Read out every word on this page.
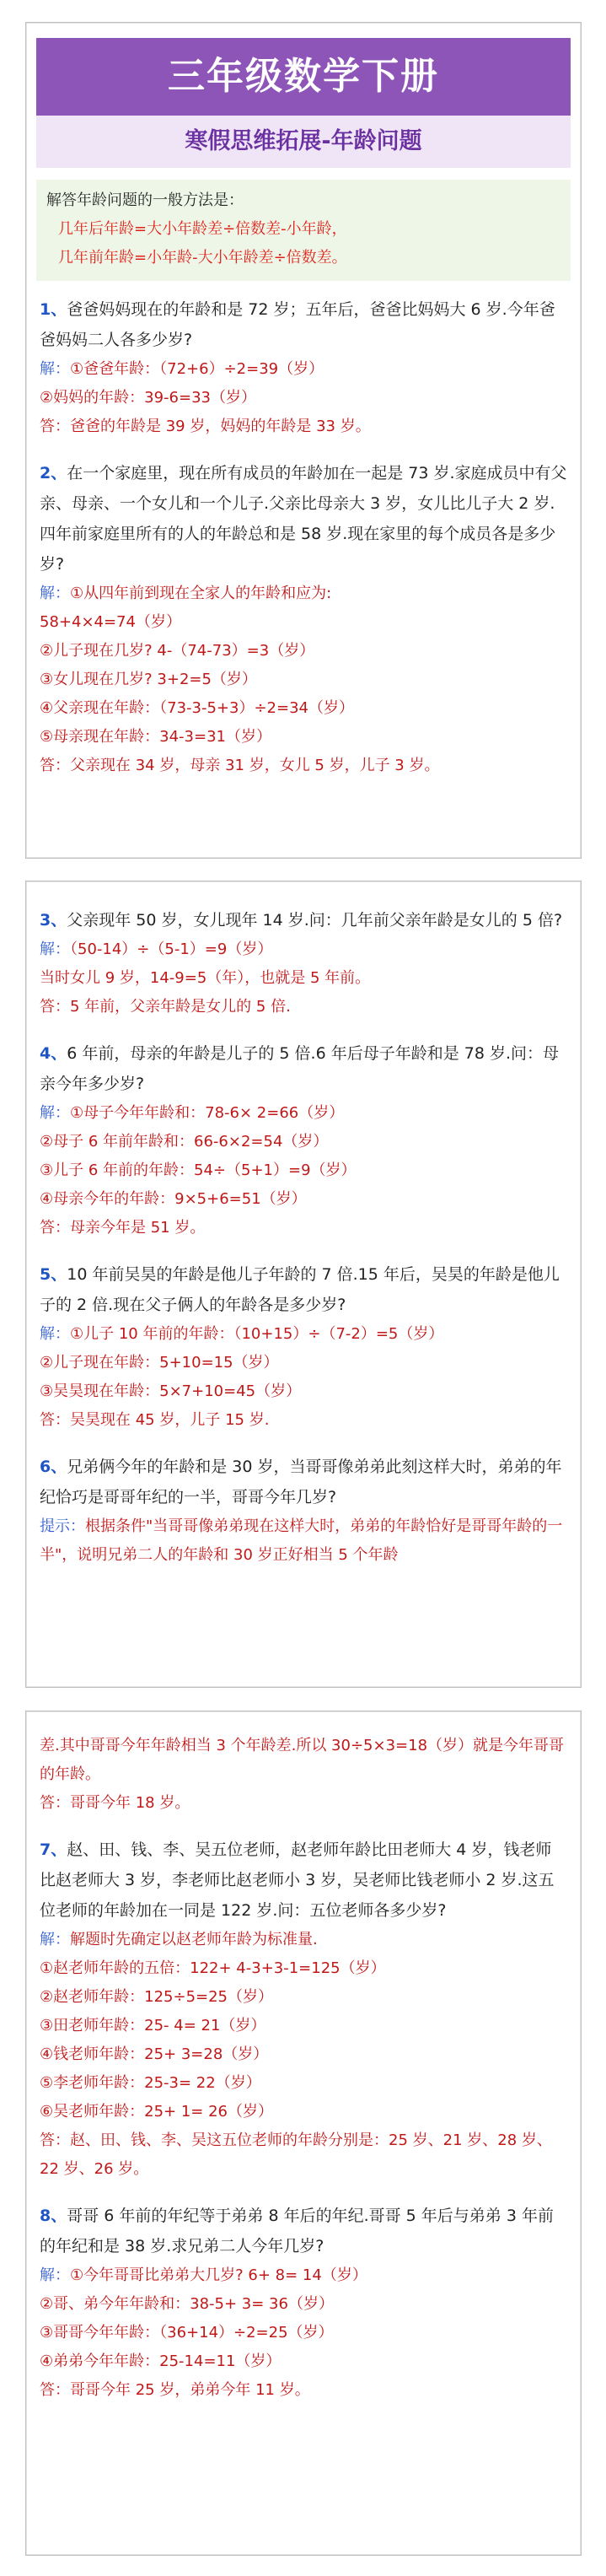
三年级数学下册
寒假思维拓展-年龄问题
解答年龄问题的一般方法是：
几年后年龄=大小年龄差÷倍数差-小年龄，
几年前年龄=小年龄-大小年龄差÷倍数差。

1、爸爸妈妈现在的年龄和是 72 岁；五年后，爸爸比妈妈大 6 岁.今年爸爸妈妈二人各多少岁?

解：①爸爸年龄：（72+6）÷2=39（岁）

②妈妈的年龄：39-6=33（岁）

答：爸爸的年龄是 39 岁，妈妈的年龄是 33 岁。

2、在一个家庭里，现在所有成员的年龄加在一起是 73 岁.家庭成员中有父亲、母亲、一个女儿和一个儿子.父亲比母亲大 3 岁，女儿比儿子大 2 岁.四年前家庭里所有的人的年龄总和是 58 岁.现在家里的每个成员各是多少岁?

解：①从四年前到现在全家人的年龄和应为:

58+4×4=74（岁）

②儿子现在几岁? 4-（74-73）=3（岁）

③女儿现在几岁? 3+2=5（岁）

④父亲现在年龄：（73-3-5+3）÷2=34（岁）

⑤母亲现在年龄：34-3=31（岁）

答：父亲现在 34 岁，母亲 31 岁，女儿 5 岁，儿子 3 岁。

3、父亲现年 50 岁，女儿现年 14 岁.问：几年前父亲年龄是女儿的 5 倍?

解：（50-14）÷（5-1）=9（岁）

当时女儿 9 岁，14-9=5（年），也就是 5 年前。

答：5 年前，父亲年龄是女儿的 5 倍.

4、6 年前，母亲的年龄是儿子的 5 倍.6 年后母子年龄和是 78 岁.问：母亲今年多少岁?

解：①母子今年年龄和：78-6× 2=66（岁）

②母子 6 年前年龄和：66-6×2=54（岁）

③儿子 6 年前的年龄：54÷（5+1）=9（岁）

④母亲今年的年龄：9×5+6=51（岁）

答：母亲今年是 51 岁。

5、10 年前吴昊的年龄是他儿子年龄的 7 倍.15 年后，吴昊的年龄是他儿子的 2 倍.现在父子俩人的年龄各是多少岁?

解：①儿子 10 年前的年龄：（10+15）÷（7-2）=5（岁）

②儿子现在年龄：5+10=15（岁）

③吴昊现在年龄：5×7+10=45（岁）

答：吴昊现在 45 岁，儿子 15 岁.

6、兄弟俩今年的年龄和是 30 岁，当哥哥像弟弟此刻这样大时，弟弟的年纪恰巧是哥哥年纪的一半，哥哥今年几岁?

提示：根据条件"当哥哥像弟弟现在这样大时，弟弟的年龄恰好是哥哥年龄的一半"，说明兄弟二人的年龄和 30 岁正好相当 5 个年龄

差.其中哥哥今年年龄相当 3 个年龄差.所以 30÷5×3=18（岁）就是今年哥哥的年龄。

答：哥哥今年 18 岁。

7、赵、田、钱、李、吴五位老师，赵老师年龄比田老师大 4 岁，钱老师比赵老师大 3 岁，李老师比赵老师小 3 岁，吴老师比钱老师小 2 岁.这五位老师的年龄加在一同是 122 岁.问：五位老师各多少岁?

解：解题时先确定以赵老师年龄为标准量.

①赵老师年龄的五倍：122+ 4-3+3-1=125（岁）

②赵老师年龄：125÷5=25（岁）

③田老师年龄：25- 4= 21（岁）

④钱老师年龄：25+ 3=28（岁）

⑤李老师年龄：25-3= 22（岁）

⑥吴老师年龄：25+ 1= 26（岁）

答：赵、田、钱、李、吴这五位老师的年龄分别是：25 岁、21 岁、28 岁、22 岁、26 岁。

8、哥哥 6 年前的年纪等于弟弟 8 年后的年纪.哥哥 5 年后与弟弟 3 年前的年纪和是 38 岁.求兄弟二人今年几岁?

解：①今年哥哥比弟弟大几岁? 6+ 8= 14（岁）

②哥、弟今年年龄和：38-5+ 3= 36（岁）

③哥哥今年年龄：（36+14）÷2=25（岁）

④弟弟今年年龄：25-14=11（岁）

答：哥哥今年 25 岁，弟弟今年 11 岁。
